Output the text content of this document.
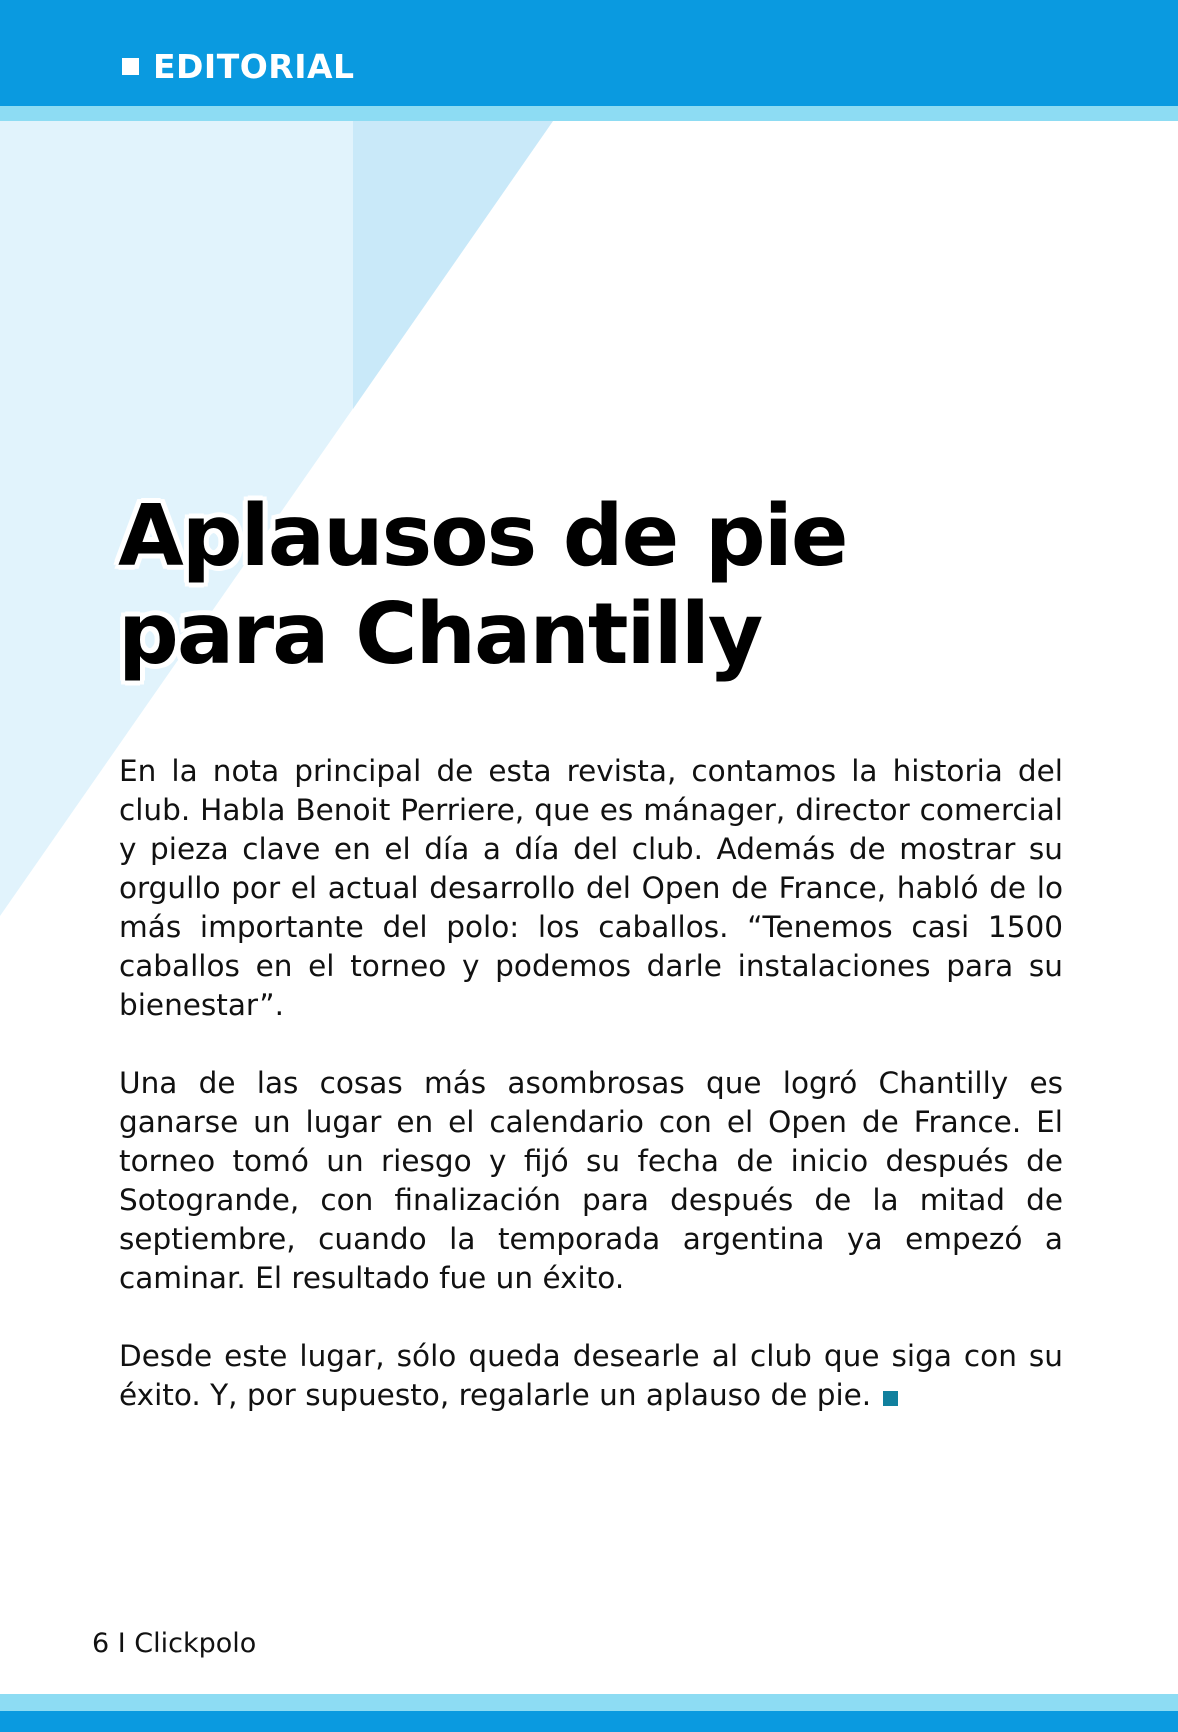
EDITORIAL
Aplausos de pie
para Chantilly

En la nota principal de esta revista, contamos la historia del club. Habla Benoit Perriere, que es mánager, director comercial y pieza clave en el día a día del club. Además de mostrar su orgullo por el actual desarrollo del Open de France, habló de lo más importante del polo: los caballos. “Tenemos casi 1500 caballos en el torneo y podemos darle instalaciones para su bienestar”.

Una de las cosas más asombrosas que logró Chantilly es ganarse un lugar en el calendario con el Open de France. El torneo tomó un riesgo y fijó su fecha de inicio después de Sotogrande, con finalización para después de la mitad de septiembre, cuando la temporada argentina ya empezó a caminar. El resultado fue un éxito.

Desde este lugar, sólo queda desearle al club que siga con su éxito. Y, por supuesto, regalarle un aplauso de pie.

6 I Clickpolo
